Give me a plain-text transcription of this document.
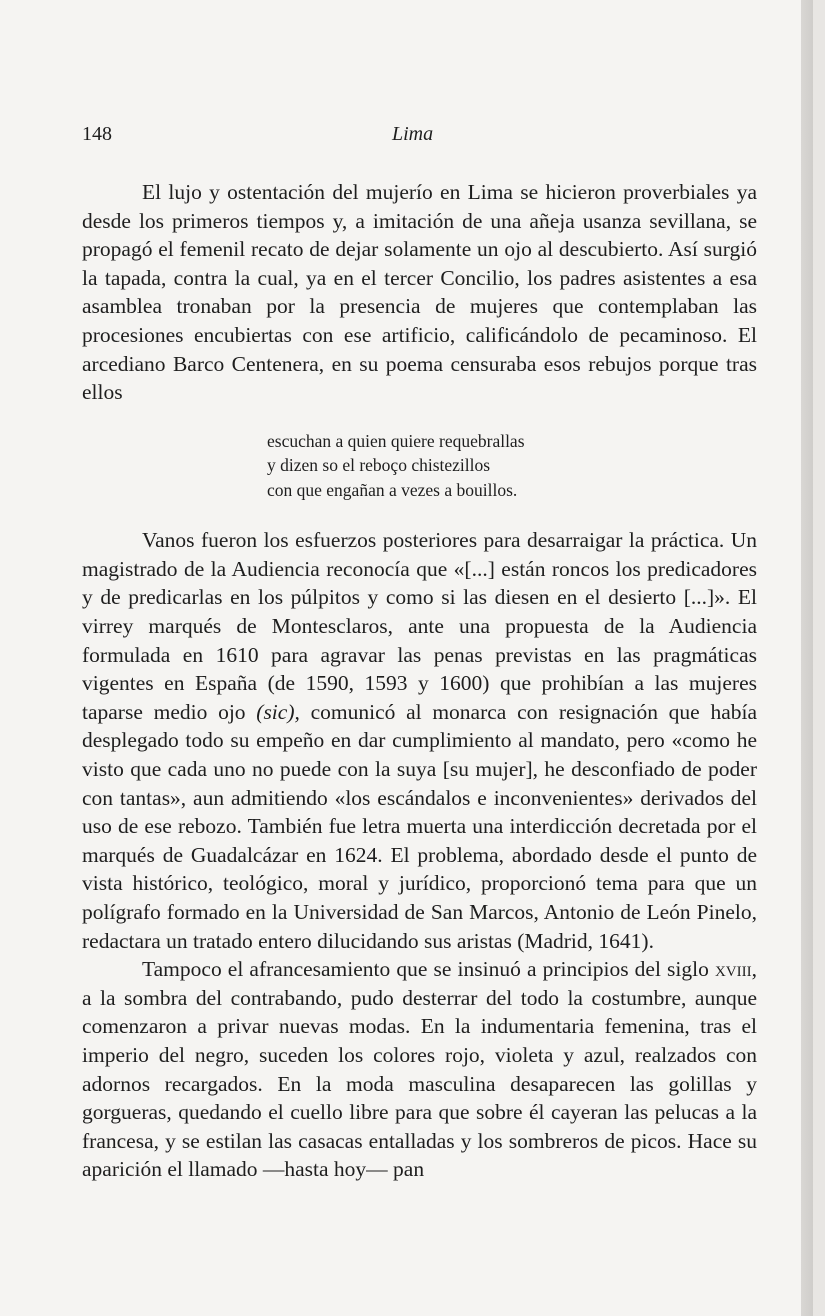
148	Lima

El lujo y ostentación del mujerío en Lima se hicieron proverbiales ya desde los primeros tiempos y, a imitación de una añeja usanza sevillana, se propagó el femenil recato de dejar solamente un ojo al descubierto. Así surgió la tapada, contra la cual, ya en el tercer Concilio, los padres asistentes a esa asamblea tronaban por la presencia de mujeres que contemplaban las procesiones encubiertas con ese artificio, calificándolo de pecaminoso. El arcediano Barco Centenera, en su poema censuraba esos rebujos porque tras ellos

escuchan a quien quiere requebrallas
y dizen so el reboço chistezillos
con que engañan a vezes a bouillos.

Vanos fueron los esfuerzos posteriores para desarraigar la práctica. Un magistrado de la Audiencia reconocía que «[...] están roncos los predicadores y de predicarlas en los púlpitos y como si las diesen en el desierto [...]». El virrey marqués de Montesclaros, ante una propuesta de la Audiencia formulada en 1610 para agravar las penas previstas en las pragmáticas vigentes en España (de 1590, 1593 y 1600) que prohibían a las mujeres taparse medio ojo (sic), comunicó al monarca con resignación que había desplegado todo su empeño en dar cumplimiento al mandato, pero «como he visto que cada uno no puede con la suya [su mujer], he desconfiado de poder con tantas», aun admitiendo «los escándalos e inconvenientes» derivados del uso de ese rebozo. También fue letra muerta una interdicción decretada por el marqués de Guadalcázar en 1624. El problema, abordado desde el punto de vista histórico, teológico, moral y jurídico, proporcionó tema para que un polígrafo formado en la Universidad de San Marcos, Antonio de León Pinelo, redactara un tratado entero dilucidando sus aristas (Madrid, 1641).

Tampoco el afrancesamiento que se insinuó a principios del siglo xviii, a la sombra del contrabando, pudo desterrar del todo la costumbre, aunque comenzaron a privar nuevas modas. En la indumentaria femenina, tras el imperio del negro, suceden los colores rojo, violeta y azul, realzados con adornos recargados. En la moda masculina desaparecen las golillas y gorgueras, quedando el cuello libre para que sobre él cayeran las pelucas a la francesa, y se estilan las casacas entalladas y los sombreros de picos. Hace su aparición el llamado —hasta hoy— pan
